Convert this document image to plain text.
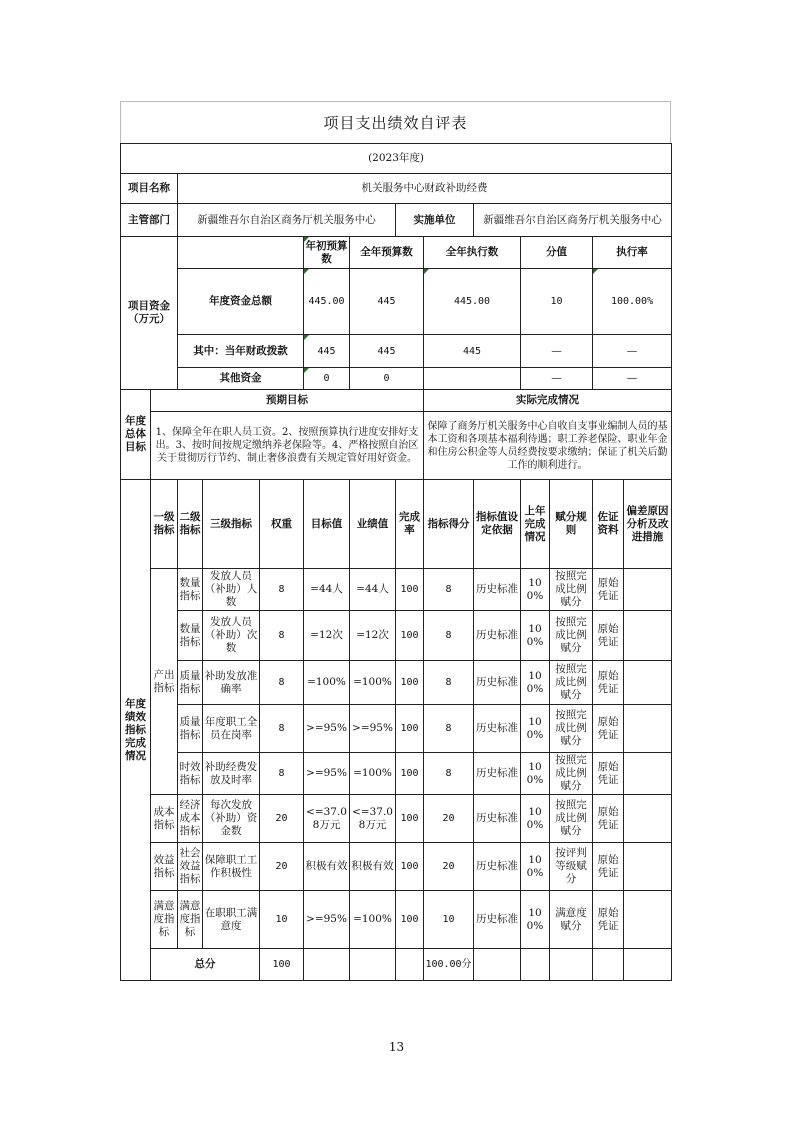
项目支出绩效自评表
(2023年度)														
项目名称		机关服务中心财政补助经费												
主管部门		新疆维吾尔自治区商务厅机关服务中心					实施单位		新疆维吾尔自治区商务厅机关服务中心					
项目资金（万元）					年初预算数	全年预算数		全年执行数		分值		执行率	
		年度资金总额			445.00	445		445.00		10		100.00%	
		其中：当年财政拨款			445	445		445		—		—	
		其他资金			0	0				—		—	
年度总体目标	预期目标							实际完成情况						
	1、保障全年在职人员工资。2、按照预算执行进度安排好支出。3、按时间按规定缴纳养老保险等。4、严格按照自治区关于贯彻厉行节约、制止奢侈浪费有关规定管好用好资金。							保障了商务厅机关服务中心自收自支事业编制人员的基本工资和各项基本福利待遇；职工养老保险、职业年金和住房公积金等人员经费按要求缴纳；保证了机关后勤工作的顺利进行。						
年度绩效指标完成情况	一级指标	二级指标	三级指标	权重	目标值	业绩值	完成率	指标得分	指标值设定依据	上年完成情况	赋分规则	佐证资料	偏差原因分析及改进措施	
	产出指标	数量指标	发放人员（补助）人数	8	=44人	=44人	100	8	历史标准	100%	按照完成比例赋分	原始凭证		
		数量指标	发放人员（补助）次数	8	=12次	=12次	100	8	历史标准	100%	按照完成比例赋分	原始凭证		
		质量指标	补助发放准确率	8	=100%	=100%	100	8	历史标准	100%	按照完成比例赋分	原始凭证		
		质量指标	年度职工全员在岗率	8	>=95%	>=95%	100	8	历史标准	100%	按照完成比例赋分	原始凭证		
		时效指标	补助经费发放及时率	8	>=95%	=100%	100	8	历史标准	100%	按照完成比例赋分	原始凭证		
	成本指标	经济成本指标	每次发放（补助）资金数	20	<=37.08万元	<=37.08万元	100	20	历史标准	100%	按照完成比例赋分	原始凭证		
	效益指标	社会效益指标	保障职工工作积极性	20	积极有效	积极有效	100	20	历史标准	100%	按评判等级赋分	原始凭证		
	满意度指标	满意度指标	在职职工满意度	10	>=95%	=100%	100	10	历史标准	100%	满意度赋分	原始凭证		
	总分			100				100.00分						
13
